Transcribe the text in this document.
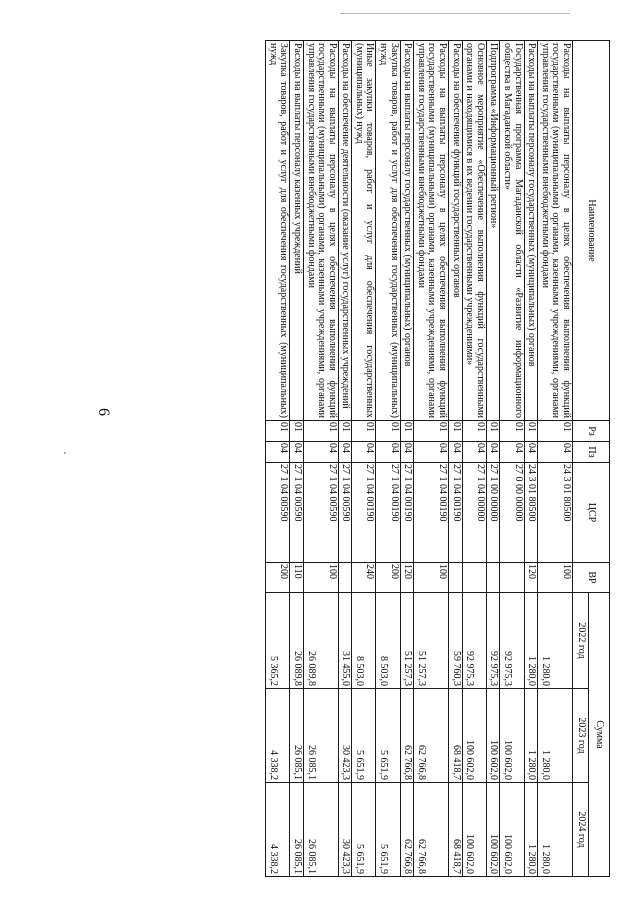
6
Наименование	Рз	Пз	ЦСР	ВР	Сумма		
					2022 год	2023 год	2024 год
Расходы на выплаты персоналу в целях обеспечения выполнения функций государственными (муниципальными) органами, казенными учреждениями, органами управления государственными внебюджетными фондами	01	04	24 3 01 80500	100	1 280,0	1 280,0	1 280,0
Расходы на выплаты персоналу государственных (муниципальных) органов	01	04	24 3 01 80500	120	1 280,0	1 280,0	1 280,0
Государственная программа Магаданской области «Развитие информационного общества в Магаданской области»	01	04	27 0 00 00000		92 975,3	100 602,0	100 602,0
Подпрограмма «Информационный регион»	01	04	27 1 00 00000		92 975,3	100 602,0	100 602,0
Основное мероприятие «Обеспечение выполнения функций государственными органами и находящимися в их ведении государственными учреждениями»	01	04	27 1 04 00000		92 975,3	100 602,0	100 602,0
Расходы на обеспечение функций государственных органов	01	04	27 1 04 00190		59 760,3	68 418,7	68 418,7
Расходы на выплаты персоналу в целях обеспечения выполнения функций государственными (муниципальными) органами, казенными учреждениями, органами управления государственными внебюджетными фондами	01	04	27 1 04 00190	100	51 257,3	62 766,8	62 766,8
Расходы на выплаты персоналу государственных (муниципальных) органов	01	04	27 1 04 00190	120	51 257,3	62 766,8	62 766,8
Закупка товаров, работ и услуг для обеспечения государственных (муниципальных) нужд	01	04	27 1 04 00190	200	8 503,0	5 651,9	5 651,9
Иные закупки товаров, работ и услуг для обеспечения государственных (муниципальных) нужд	01	04	27 1 04 00190	240	8 503,0	5 651,9	5 651,9
Расходы на обеспечение деятельности (оказание услуг) государственных учреждений	01	04	27 1 04 00590		31 455,0	30 423,3	30 423,3
Расходы на выплаты персоналу в целях обеспечения выполнения функций государственными (муниципальными) органами, казенными учреждениями, органами управления государственными внебюджетными фондами	01	04	27 1 04 00590	100	26 089,8	26 085,1	26 085,1
Расходы на выплаты персоналу казенных учреждений	01	04	27 1 04 00590	110	26 089,8	26 085,1	26 085,1
Закупка товаров, работ и услуг для обеспечения государственных (муниципальных) нужд	01	04	27 1 04 00590	200	5 365,2	4 338,2	4 338,2
